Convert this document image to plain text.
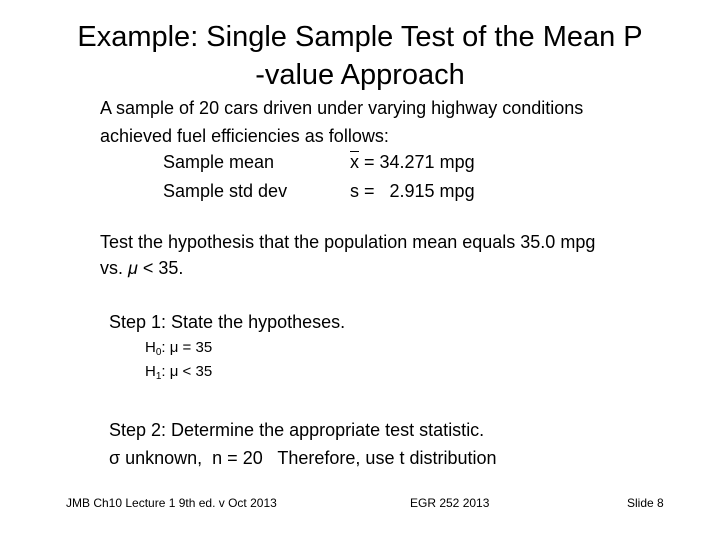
Example: Single Sample Test of the Mean P
-value Approach
A sample of 20 cars driven under varying highway conditions
achieved fuel efficiencies as follows:
Sample mean	$\overline{x} = 34.271$ mpg
Sample std dev	s =   2.915 mpg
Test the hypothesis that the population mean equals 35.0 mpg
vs. μ < 35.
Step 1: State the hypotheses.
$H_0$: μ = 35
$H_1$: μ < 35
Step 2: Determine the appropriate test statistic.
σ unknown,  n = 20   Therefore, use t distribution
JMB Ch10 Lecture 1 9th ed. v Oct 2013	EGR 252 2013	Slide 8
